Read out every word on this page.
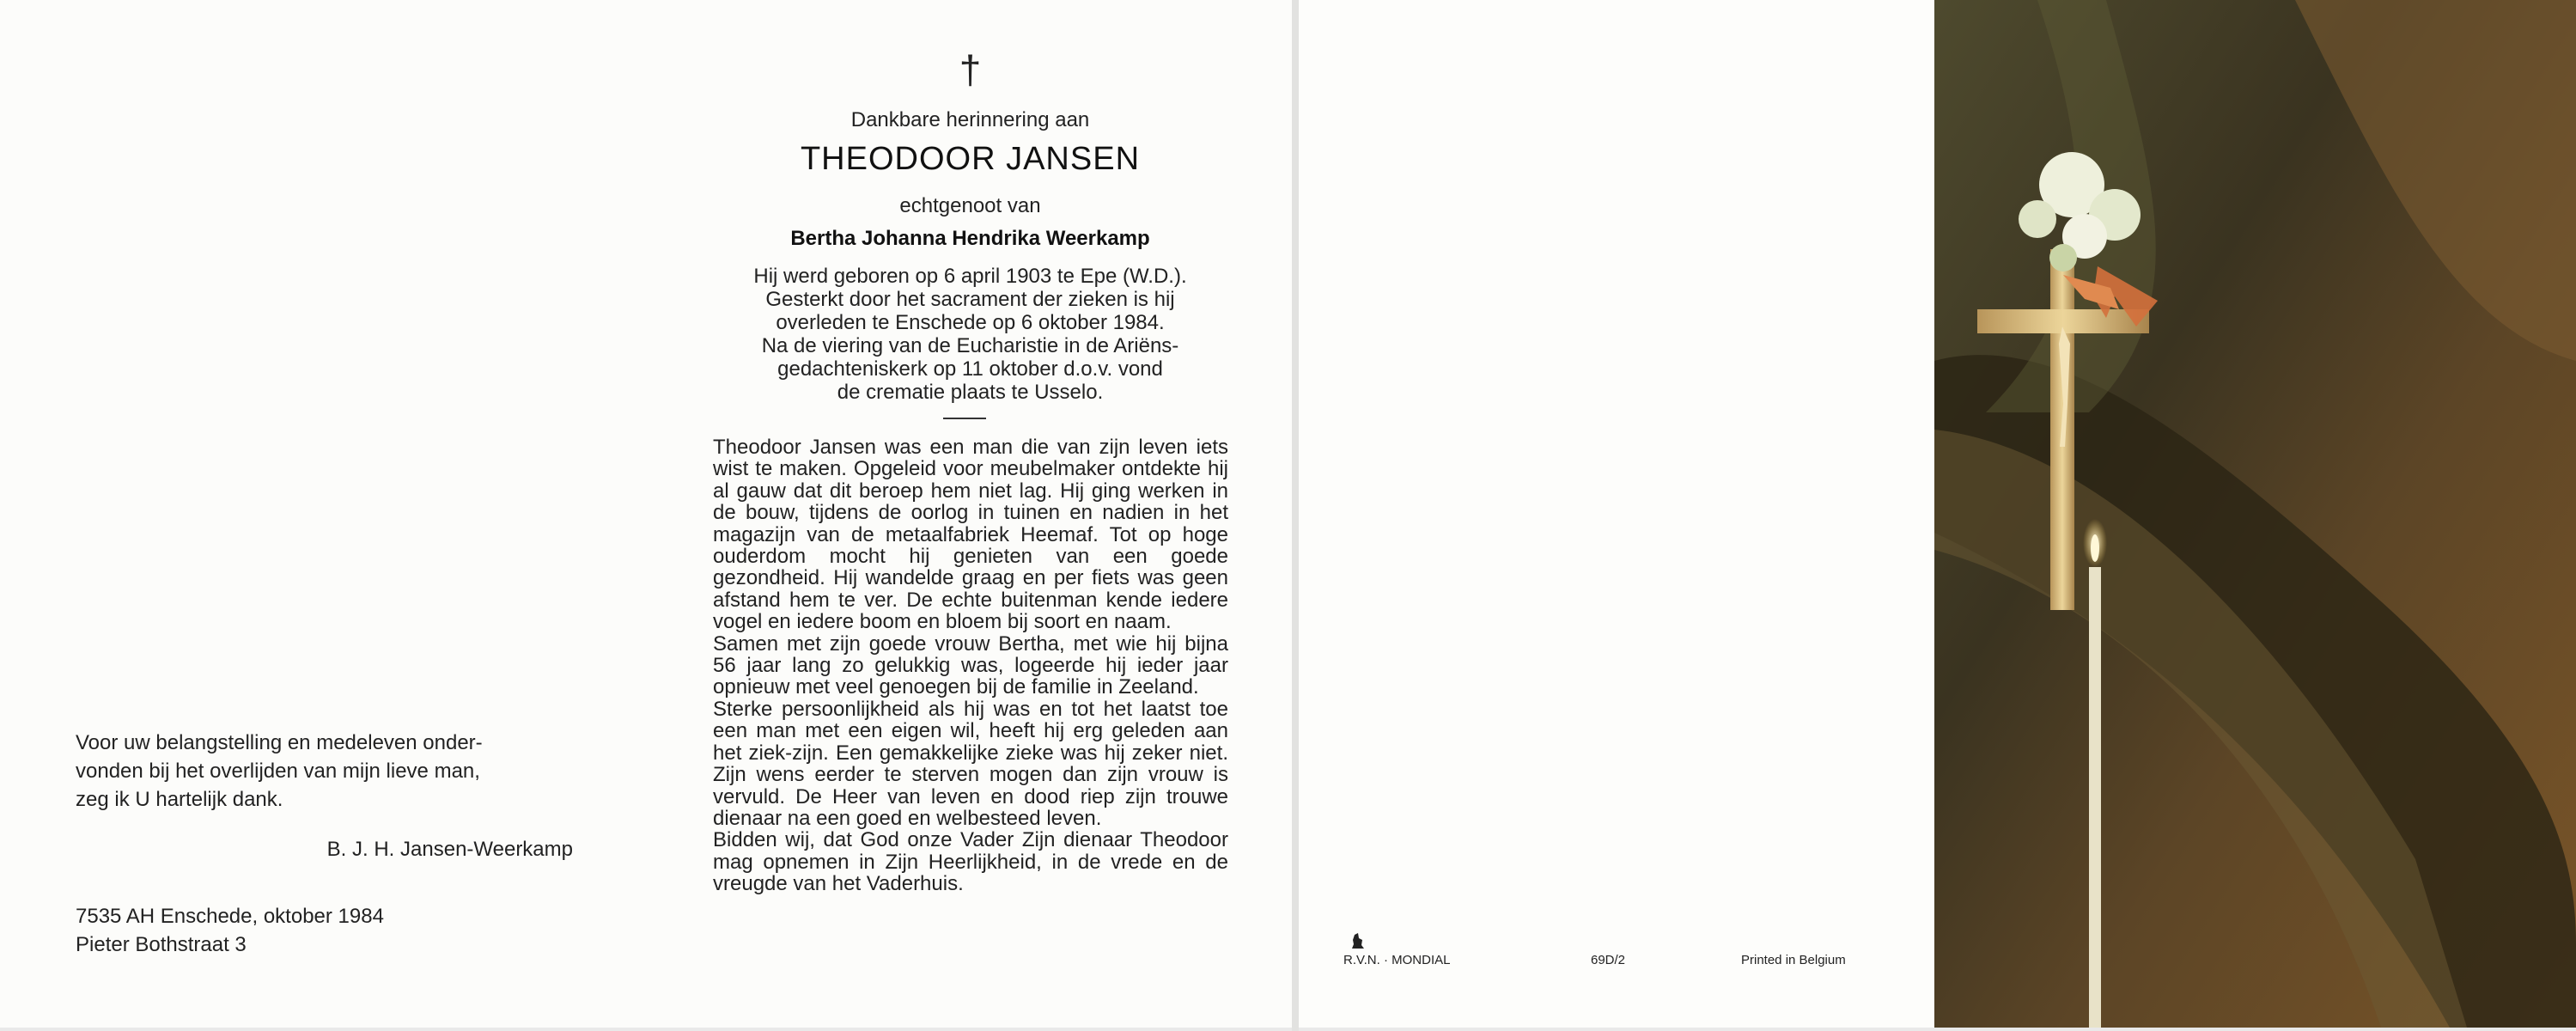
Voor uw belangstelling en medeleven onder-
vonden bij het overlijden van mijn lieve man,
zeg ik U hartelijk dank.
B. J. H. Jansen-Weerkamp
7535 AH Enschede, oktober 1984
Pieter Bothstraat 3
†
Dankbare herinnering aan
THEODOOR JANSEN
echtgenoot van
Bertha Johanna Hendrika Weerkamp
Hij werd geboren op 6 april 1903 te Epe (W.D.).
Gesterkt door het sacrament der zieken is hij
overleden te Enschede op 6 oktober 1984.
Na de viering van de Eucharistie in de Ariëns-
gedachteniskerk op 11 oktober d.o.v. vond
de crematie plaats te Usselo.

Theodoor Jansen was een man die van zijn leven iets wist te maken. Opgeleid voor meubelmaker ontdekte hij al gauw dat dit beroep hem niet lag. Hij ging werken in de bouw, tijdens de oorlog in tuinen en nadien in het magazijn van de metaalfabriek Heemaf. Tot op hoge ouderdom mocht hij genieten van een goede gezondheid. Hij wandelde graag en per fiets was geen afstand hem te ver. De echte buitenman kende iedere vogel en iedere boom en bloem bij soort en naam.

Samen met zijn goede vrouw Bertha, met wie hij bijna 56 jaar lang zo gelukkig was, logeerde hij ieder jaar opnieuw met veel genoegen bij de familie in Zeeland.

Sterke persoonlijkheid als hij was en tot het laatst toe een man met een eigen wil, heeft hij erg geleden aan het ziek-zijn. Een gemakkelijke zieke was hij zeker niet. Zijn wens eerder te sterven mogen dan zijn vrouw is vervuld. De Heer van leven en dood riep zijn trouwe dienaar na een goed en welbesteed leven.

Bidden wij, dat God onze Vader Zijn dienaar Theodoor mag opnemen in Zijn Heerlijkheid, in de vrede en de vreugde van het Vaderhuis.

R.V.N. · MONDIAL	69D/2	Printed in Belgium
